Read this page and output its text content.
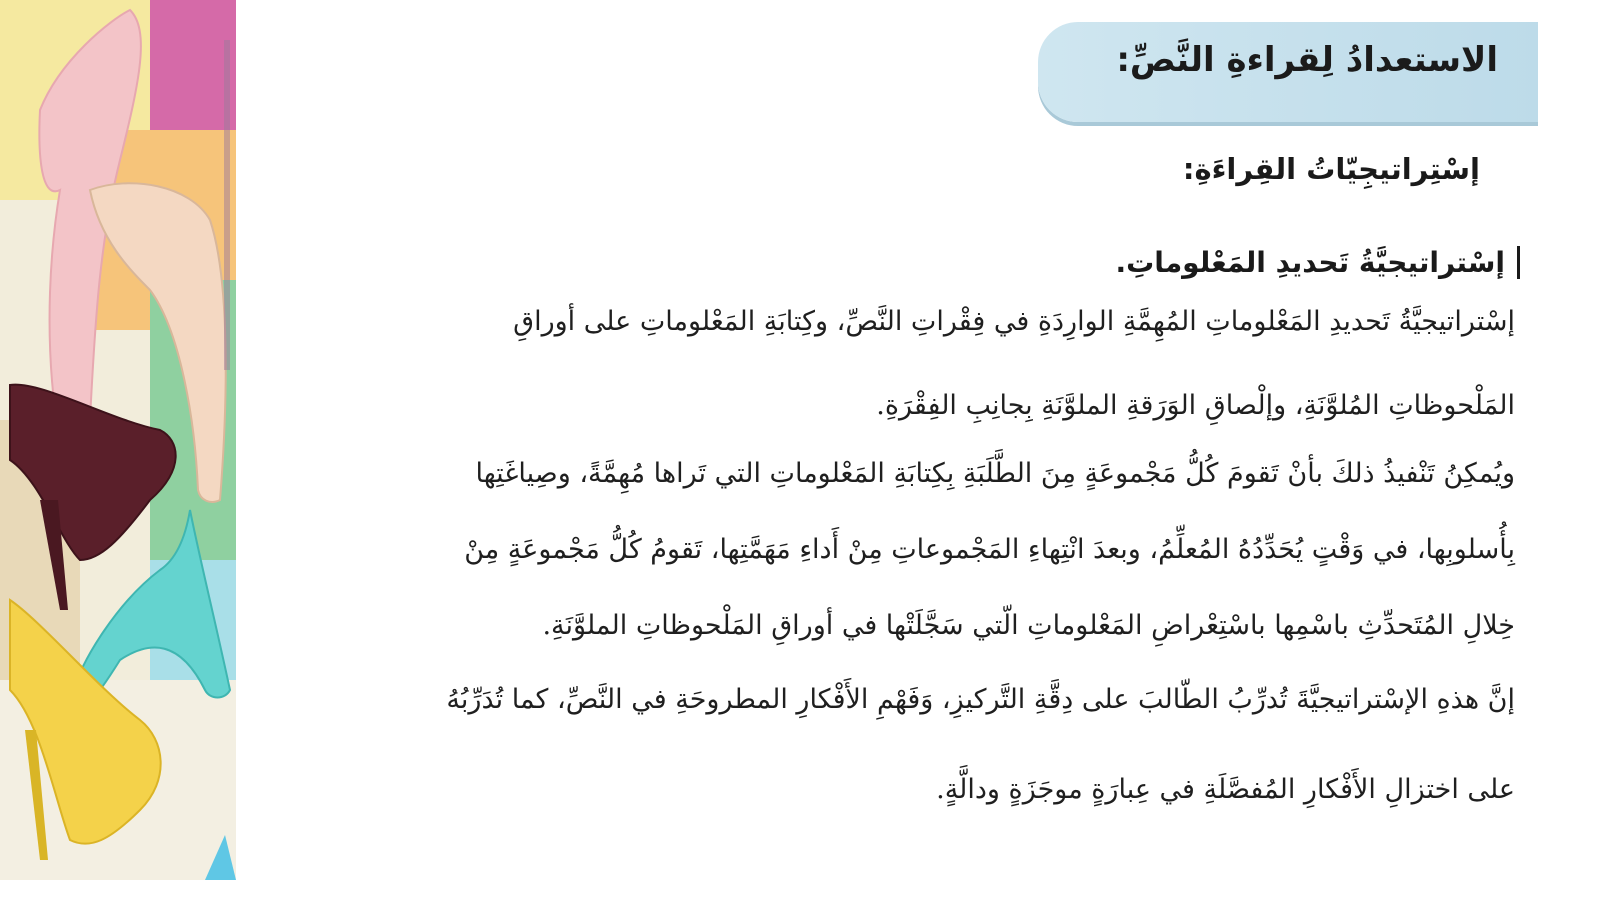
الاستعدادُ لِقراءةِ النَّصِّ:
إسْتِراتيجِيّاتُ القِراءَةِ:
إسْتراتيجيَّةُ تَحديدِ المَعْلوماتِ.
إسْتراتيجيَّةُ تَحديدِ المَعْلوماتِ المُهِمَّةِ الوارِدَةِ في فِقْراتِ النَّصِّ، وكِتابَةِ المَعْلوماتِ على أوراقِ
المَلْحوظاتِ المُلوَّنَةِ، وإلْصاقِ الوَرَقةِ الملوَّنَةِ بِجانِبِ الفِقْرَةِ.
ويُمكِنُ تَنْفيذُ ذلكَ بأنْ تَقومَ كُلُّ مَجْموعَةٍ مِنَ الطَّلَبَةِ بِكِتابَةِ المَعْلوماتِ التي تَراها مُهِمَّةً، وصِياغَتِها
بِأُسلوبِها، في وَقْتٍ يُحَدِّدُهُ المُعلِّمُ، وبعدَ انْتِهاءِ المَجْموعاتِ مِنْ أَداءِ مَهَمَّتِها، تَقومُ كُلُّ مَجْموعَةٍ مِنْ
خِلالِ المُتَحدِّثِ باسْمِها باسْتِعْراضِ المَعْلوماتِ الّتي سَجَّلَتْها في أوراقِ المَلْحوظاتِ الملوَّنَةِ.
إنَّ هذهِ الإسْتراتيجيَّةَ تُدرِّبُ الطّالبَ على دِقَّةِ التَّركيزِ، وَفَهْمِ الأَفْكارِ المطروحَةِ في النَّصِّ، كما تُدَرِّبُهُ
على اختزالِ الأَفْكارِ المُفصَّلَةِ في عِبارَةٍ موجَزَةٍ ودالَّةٍ.
